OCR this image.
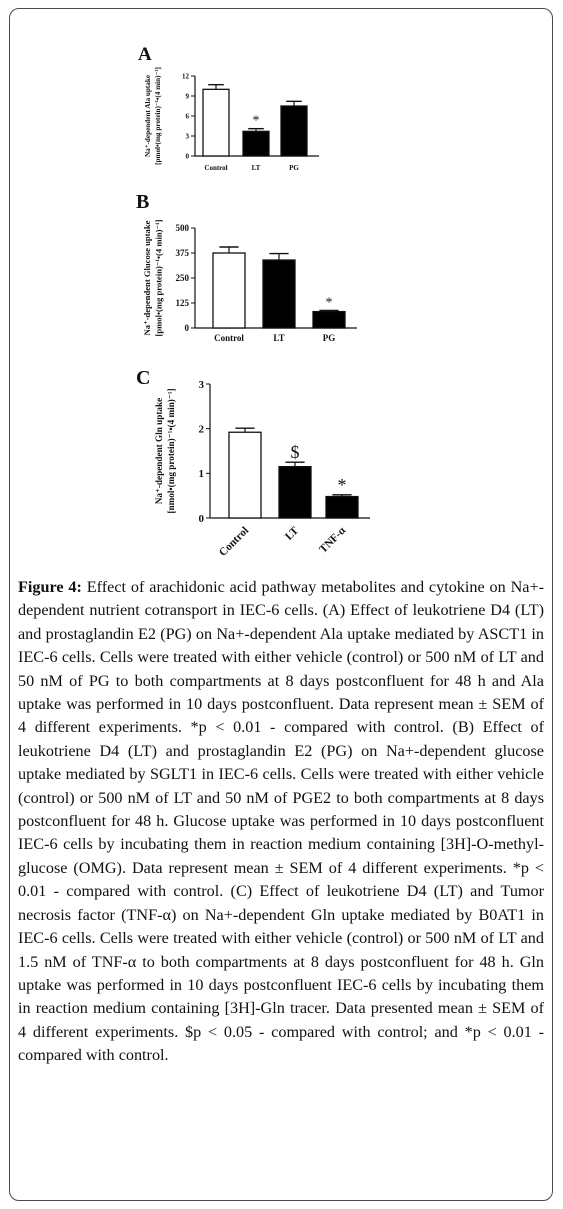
A
0
3
6
9
12
Na⁺-dependent Ala uptake [pmol•(mg protein)⁻¹•(4 min)⁻¹]
Control
*
LT	PG
B
0
125
250
375
500
Na⁺-dependent Glucose uptake [pmol•(mg protein)⁻¹•(4 min)⁻¹]
Control	LT
*
PG
C
0
1
2
3
Na⁺-dependent Gln uptake [nmol•(mg protein)⁻¹•(4 min)⁻¹]
Control
$
LT
*
TNF-α

Figure 4: Effect of arachidonic acid pathway metabolites and cytokine on Na+-dependent nutrient cotransport in IEC-6 cells. (A) Effect of leukotriene D4 (LT) and prostaglandin E2 (PG) on Na+-dependent Ala uptake mediated by ASCT1 in IEC-6 cells. Cells were treated with either vehicle (control) or 500 nM of LT and 50 nM of PG to both compartments at 8 days postconfluent for 48 h and Ala uptake was performed in 10 days postconfluent. Data represent mean ± SEM of 4 different experiments. *p < 0.01 - compared with control. (B) Effect of leukotriene D4 (LT) and prostaglandin E2 (PG) on Na+-dependent glucose uptake mediated by SGLT1 in IEC-6 cells. Cells were treated with either vehicle (control) or 500 nM of LT and 50 nM of PGE2 to both compartments at 8 days postconfluent for 48 h. Glucose uptake was performed in 10 days postconfluent IEC-6 cells by incubating them in reaction medium containing [3H]-O-methyl-glucose (OMG). Data represent mean ± SEM of 4 different experiments. *p < 0.01 - compared with control. (C) Effect of leukotriene D4 (LT) and Tumor necrosis factor (TNF-α) on Na+-dependent Gln uptake mediated by B0AT1 in IEC-6 cells. Cells were treated with either vehicle (control) or 500 nM of LT and 1.5 nM of TNF-α to both compartments at 8 days postconfluent for 48 h. Gln uptake was performed in 10 days postconfluent IEC-6 cells by incubating them in reaction medium containing [3H]-Gln tracer. Data presented mean ± SEM of 4 different experiments. $p < 0.05 - compared with control; and *p < 0.01 - compared with control.
